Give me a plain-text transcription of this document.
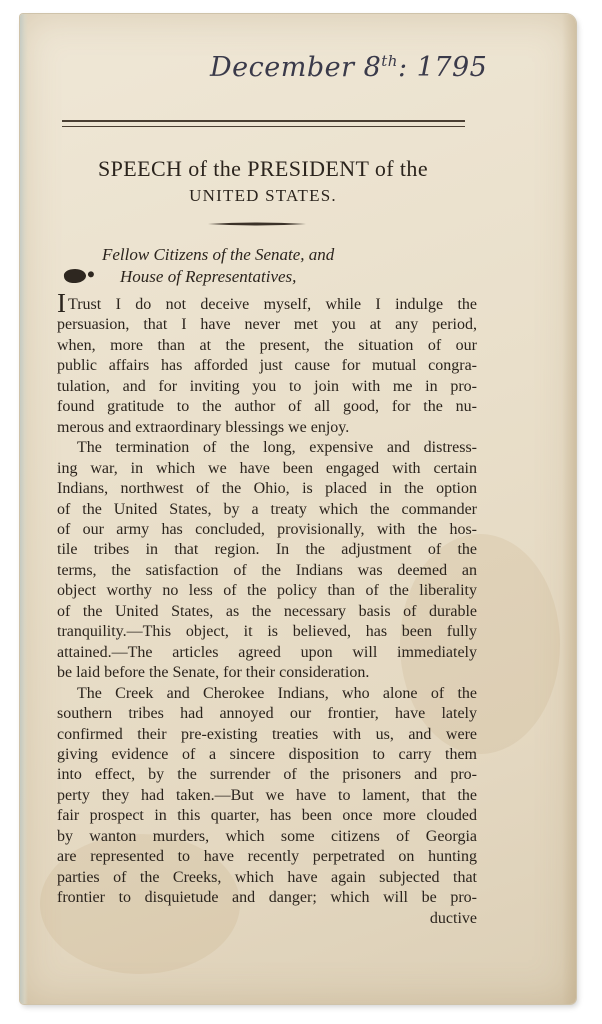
December 8th: 1795
SPEECH of the PRESIDENT of the
UNITED STATES.
Fellow Citizens of the Senate, and
House of Representatives,
I Trust I do not deceive myself, while I indulge the
persuasion, that I have never met you at any period,
when, more than at the present, the situation of our
public affairs has afforded just cause for mutual congra-
tulation, and for inviting you to join with me in pro-
found gratitude to the author of all good, for the nu-
merous and extraordinary blessings we enjoy.
The termination of the long, expensive and distress-
ing war, in which we have been engaged with certain
Indians, northwest of the Ohio, is placed in the option
of the United States, by a treaty which the commander
of our army has concluded, provisionally, with the hos-
tile tribes in that region. In the adjustment of the
terms, the satisfaction of the Indians was deemed an
object worthy no less of the policy than of the liberality
of the United States, as the necessary basis of durable
tranquility.—This object, it is believed, has been fully
attained.—The articles agreed upon will immediately
be laid before the Senate, for their consideration.
The Creek and Cherokee Indians, who alone of the
southern tribes had annoyed our frontier, have lately
confirmed their pre-existing treaties with us, and were
giving evidence of a sincere disposition to carry them
into effect, by the surrender of the prisoners and pro-
perty they had taken.—But we have to lament, that the
fair prospect in this quarter, has been once more clouded
by wanton murders, which some citizens of Georgia
are represented to have recently perpetrated on hunting
parties of the Creeks, which have again subjected that
frontier to disquietude and danger; which will be pro-
ductive
